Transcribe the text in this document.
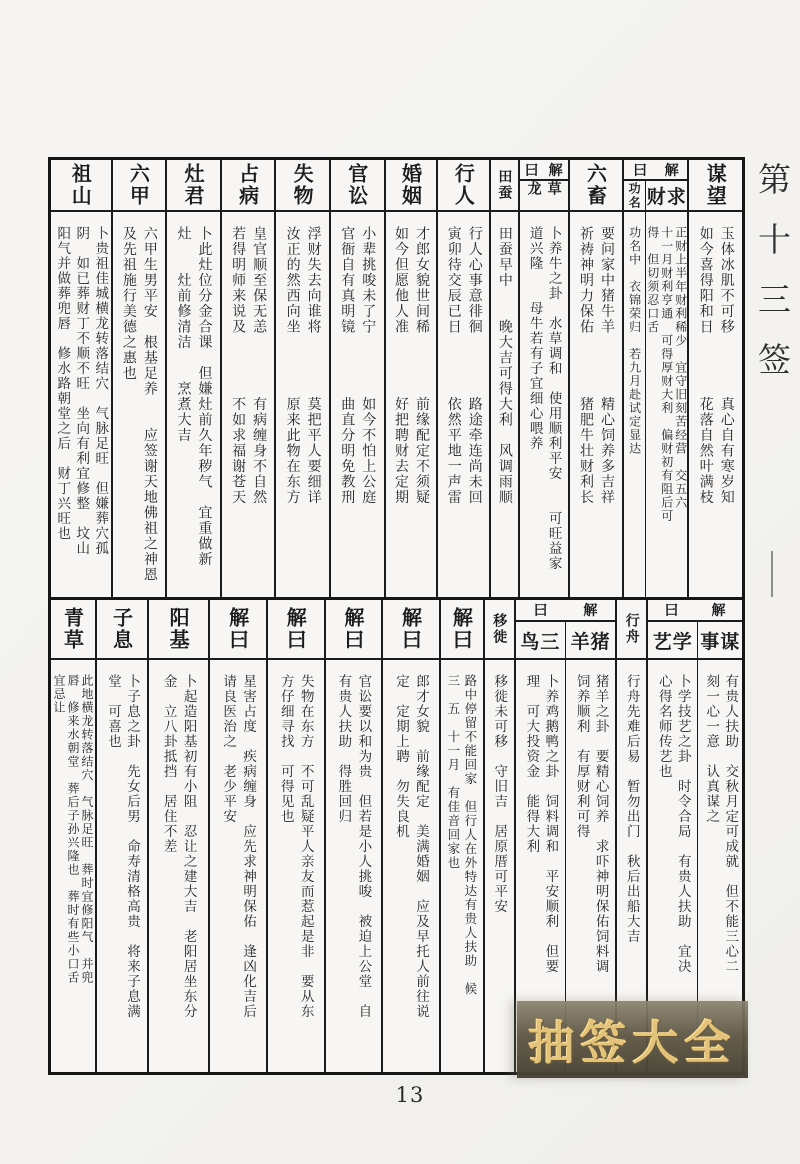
祖山
卜贵祖佳城横龙转落结穴　气脉足旺　但嫌葬穴孤
阴　如已葬财丁不顺不旺　坐向有利宜修整　坟山
阳气并做葬兜唇　修水路朝堂之后　财丁兴旺也
六甲
六甲生男平安　根基足养　　应签谢天地佛祖之神恩
及先祖施行美德之惠也
灶君
卜此灶位分金合课　但嫌灶前久年秽气　宜重做新
灶　　灶前修清洁　　烹煮大吉
占病
皇官顺至保无恙　　　　有病缠身不自然
若得明师来说及　　　　不如求福谢苍天
失物
浮财失去向谁将　　　　莫把平人要细详
汝正的然西向坐　　　　原来此物在东方
官讼
小辈挑唆未了宁　　　　如今不怕上公庭
官衙自有真明镜　　　　曲直分明免教刑
婚姻
才郎女貌世间稀　　　　前缘配定不须疑
如今但愿他人准　　　　好把聘财去定期
行人
行人心事意徘徊　　　　路途牵连尚未回
寅卯待交辰已日　　　　依然平地一声雷
田蚕
田蚕早中　　晚大吉可得大利　风调雨顺
曰 解
草龙
卜养牛之卦　水草调和　使用顺利平安　　可旺益家
道兴隆　　母牛若有子宜细心喂养
六畜
要问家中猪牛羊　　　　精心饲养多吉祥
祈祷神明力保佑　　　　猪肥牛壮财利长
曰 解
功名
功名中　衣锦荣归　若九月赴试定显达
财求
正财上半年财利稀少　宜守旧刻苦经营　交五六
十一月财利亨通　可得厚财大利　偏财初有阻后可
得　但切须忍口舌
谋望
玉体冰肌不可移　　　　真心自有寒岁知
如今喜得阳和日　　　　花落自然叶满枝
青草
此地横龙转落结穴　气脉足旺　葬时宜修阳气　并兜
唇　修来水朝堂　葬后子孙兴隆也　葬时有些小口舌
宜忌让
子息
卜子息之卦　先女后男　命寿清格高贵　将来子息满
堂　可喜也
阳基
卜起造阳基初有小阻　忍让之建大吉　老阳居坐东分
金　立八卦抵挡　居住不差
解曰
星害占度　疾病缠身　应先求神明保佑　逢凶化吉后
请良医治之　老少平安
解曰
失物在东方　不可乱疑平人亲友而惹起是非　要从东
方仔细寻找　可得见也
解曰
官讼要以和为贵　但若是小人挑唆　被迫上公堂　自
有贵人扶助　得胜回归
解曰
郎才女貌　前缘配定　美满婚姻　应及早托人前往说
定　定期上聘　勿失良机
解曰
路中停留不能回家　但行人在外特达有贵人扶助　候
三　五　十一月　有佳音回家也
移徙
移徙未可移　守旧吉　居原厝可平安
曰	解
鸟三
卜养鸡鹅鸭之卦　饲料调和　平安顺利　但要
理　可大投资金　能得大利
羊猪
猪羊之卦　要精心饲养　求吓神明保佑饲料调
饲养顺利　有厚财利可得
行舟
行舟先难后易　暂勿出门　秋后出船大吉
曰 解
艺学
卜学技艺之卦　时令合局　有贵人扶助　宜决
心得名师传艺也
事谋
有贵人扶助　交秋月定可成就　但不能三心二
刻一心一意　认真谋之
第十三签
抽签大全
13
